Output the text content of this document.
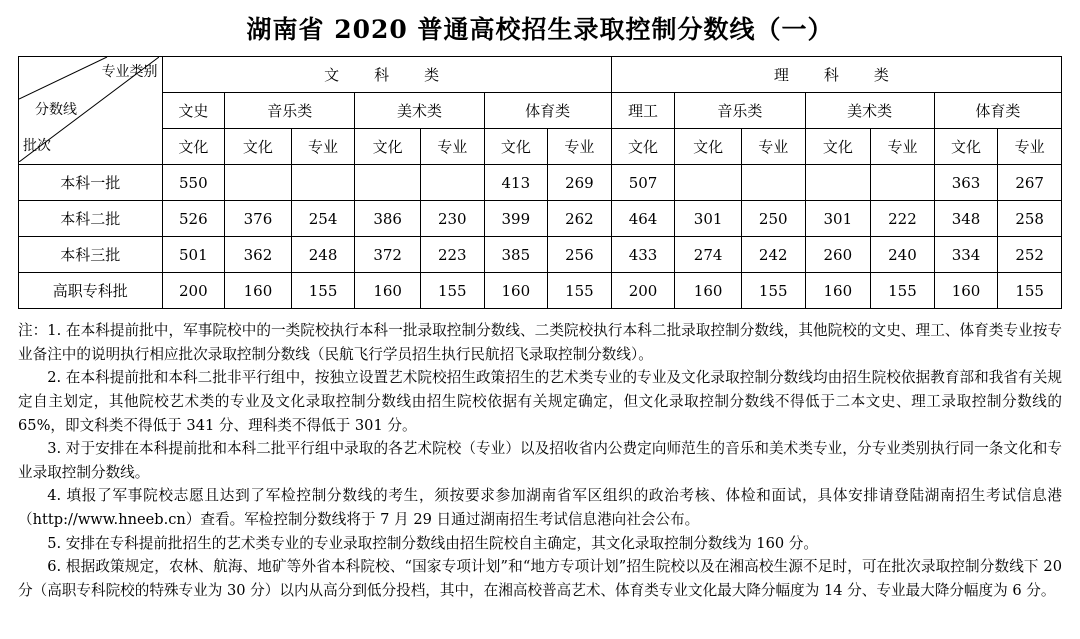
湖南省 2020 普通高校招生录取控制分数线（一）
专业类别
分数线
批次	文　科　类							理　科　类						
	文史	音乐类		美术类		体育类		理工	音乐类		美术类		体育类	
	文化	文化	专业	文化	专业	文化	专业	文化	文化	专业	文化	专业	文化	专业
本科一批	550					413	269	507					363	267
本科二批	526	376	254	386	230	399	262	464	301	250	301	222	348	258
本科三批	501	362	248	372	223	385	256	433	274	242	260	240	334	252
高职专科批	200	160	155	160	155	160	155	200	160	155	160	155	160	155

注：1. 在本科提前批中，军事院校中的一类院校执行本科一批录取控制分数线、二类院校执行本科二批录取控制分数线，其他院校的文史、理工、体育类专业按专业备注中的说明执行相应批次录取控制分数线（民航飞行学员招生执行民航招飞录取控制分数线）。

2. 在本科提前批和本科二批非平行组中，按独立设置艺术院校招生政策招生的艺术类专业的专业及文化录取控制分数线均由招生院校依据教育部和我省有关规定自主划定，其他院校艺术类的专业及文化录取控制分数线由招生院校依据有关规定确定，但文化录取控制分数线不得低于二本文史、理工录取控制分数线的65%，即文科类不得低于 341 分、理科类不得低于 301 分。

3. 对于安排在本科提前批和本科二批平行组中录取的各艺术院校（专业）以及招收省内公费定向师范生的音乐和美术类专业，分专业类别执行同一条文化和专业录取控制分数线。

4. 填报了军事院校志愿且达到了军检控制分数线的考生，须按要求参加湖南省军区组织的政治考核、体检和面试，具体安排请登陆湖南招生考试信息港（http://www.hneeb.cn）查看。军检控制分数线将于 7 月 29 日通过湖南招生考试信息港向社会公布。

5. 安排在专科提前批招生的艺术类专业的专业录取控制分数线由招生院校自主确定，其文化录取控制分数线为 160 分。

6. 根据政策规定，农林、航海、地矿等外省本科院校、“国家专项计划”和“地方专项计划”招生院校以及在湘高校生源不足时，可在批次录取控制分数线下 20 分（高职专科院校的特殊专业为 30 分）以内从高分到低分投档，其中，在湘高校普高艺术、体育类专业文化最大降分幅度为 14 分、专业最大降分幅度为 6 分。
